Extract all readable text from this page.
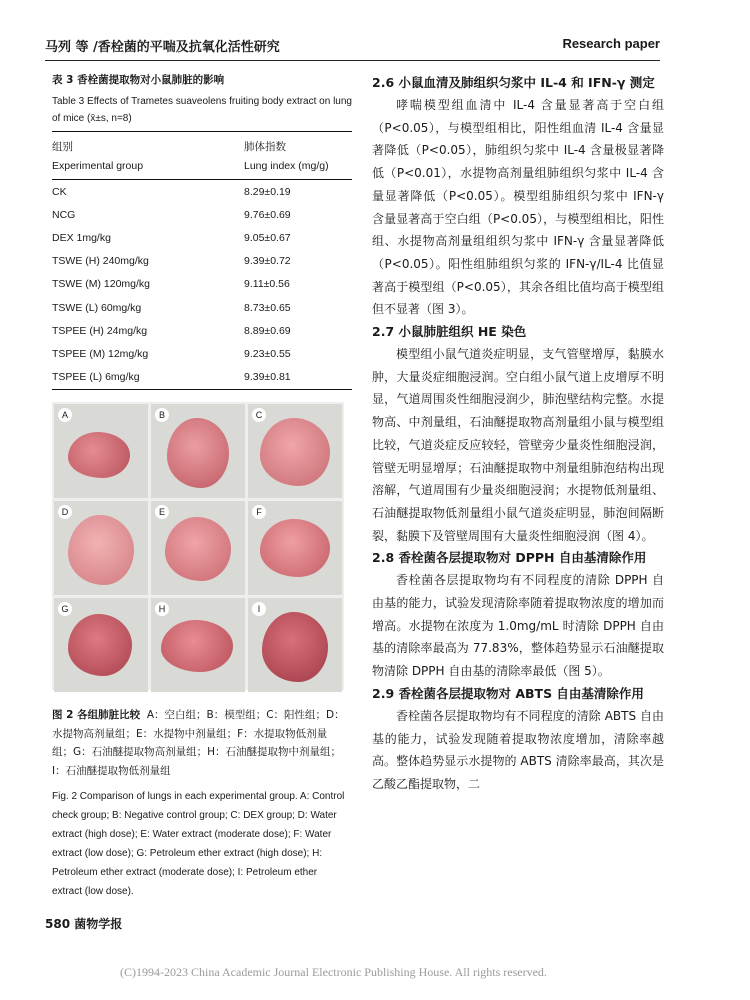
马列 等 /香栓菌的平喘及抗氧化活性研究	Research paper

表 3 香栓菌提取物对小鼠肺脏的影响

Table 3 Effects of Trametes suaveolens fruiting body extract on lung of mice (x̄±s, n=8)

组别	肺体指数
Experimental group	Lung index (mg/g)
CK	8.29±0.19
NCG	9.76±0.69
DEX 1mg/kg	9.05±0.67
TSWE (H) 240mg/kg	9.39±0.72
TSWE (M) 120mg/kg	9.11±0.56
TSWE (L) 60mg/kg	8.73±0.65
TSPEE (H) 24mg/kg	8.89±0.69
TSPEE (M) 12mg/kg	9.23±0.55
TSPEE (L) 6mg/kg	9.39±0.81
A	B	C
D	E	F
G	H	I
图 2 各组肺脏比较 A：空白组；B：模型组；C：阳性组；D：水提物高剂量组；E：水提物中剂量组；F：水提取物低剂量组；G：石油醚提取物高剂量组；H：石油醚提取物中剂量组；I：石油醚提取物低剂量组
Fig. 2 Comparison of lungs in each experimental group. A: Control check group; B: Negative control group; C: DEX group; D: Water extract (high dose); E: Water extract (moderate dose); F: Water extract (low dose); G: Petroleum ether extract (high dose); H: Petroleum ether extract (moderate dose); I: Petroleum ether extract (low dose).

2.6 小鼠血清及肺组织匀浆中 IL-4 和 IFN-γ 测定

哮喘模型组血清中 IL-4 含量显著高于空白组（P<0.05），与模型组相比，阳性组血清 IL-4 含量显著降低（P<0.05），肺组织匀浆中 IL-4 含量极显著降低（P<0.01），水提物高剂量组肺组织匀浆中 IL-4 含量显著降低（P<0.05）。模型组肺组织匀浆中 IFN-γ 含量显著高于空白组（P<0.05），与模型组相比，阳性组、水提物高剂量组组织匀浆中 IFN-γ 含量显著降低（P<0.05）。阳性组肺组织匀浆的 IFN-γ/IL-4 比值显著高于模型组（P<0.05），其余各组比值均高于模型组但不显著（图 3）。

2.7 小鼠肺脏组织 HE 染色

模型组小鼠气道炎症明显，支气管壁增厚，黏膜水肿，大量炎症细胞浸润。空白组小鼠气道上皮增厚不明显，气道周围炎性细胞浸润少，肺泡壁结构完整。水提物高、中剂量组，石油醚提取物高剂量组小鼠与模型组比较，气道炎症反应较轻，管壁旁少量炎性细胞浸润，管壁无明显增厚；石油醚提取物中剂量组肺泡结构出现溶解，气道周围有少量炎细胞浸润；水提物低剂量组、石油醚提取物低剂量组小鼠气道炎症明显，肺泡间隔断裂，黏膜下及管壁周围有大量炎性细胞浸润（图 4）。

2.8 香栓菌各层提取物对 DPPH 自由基清除作用

香栓菌各层提取物均有不同程度的清除 DPPH 自由基的能力，试验发现清除率随着提取物浓度的增加而增高。水提物在浓度为 1.0mg/mL 时清除 DPPH 自由基的清除率最高为 77.83%，整体趋势显示石油醚提取物清除 DPPH 自由基的清除率最低（图 5）。

2.9 香栓菌各层提取物对 ABTS 自由基清除作用

香栓菌各层提取物均有不同程度的清除 ABTS 自由基的能力，试验发现随着提取物浓度增加，清除率越高。整体趋势显示水提物的 ABTS 清除率最高，其次是乙酸乙酯提取物，二

580 菌物学报
(C)1994-2023 China Academic Journal Electronic Publishing House. All rights reserved.
